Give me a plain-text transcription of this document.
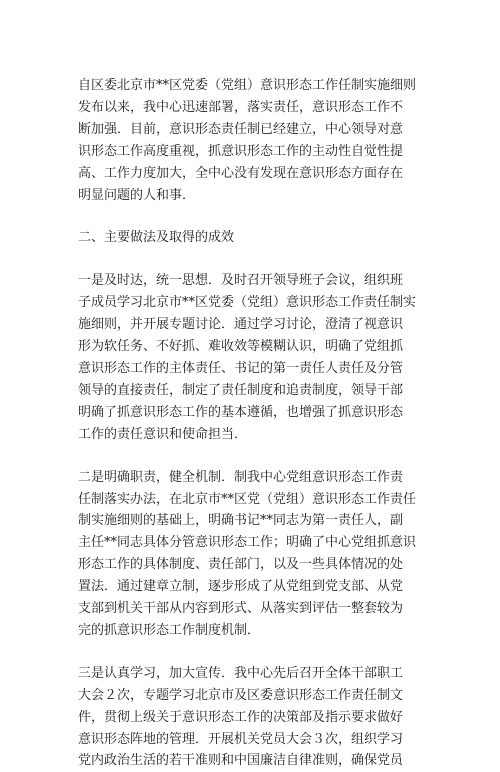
自区委北京市**区党委（党组）意识形态工作任制实施细则
发布以来，我中心迅速部署，落实责任，意识形态工作不
断加强．目前，意识形态责任制已经建立，中心领导对意
识形态工作高度重视，抓意识形态工作的主动性自觉性提
高、工作力度加大，全中心没有发现在意识形态方面存在
明显问题的人和事．

二、主要做法及取得的成效

一是及时达，统一思想．及时召开领导班子会议，组织班
子成员学习北京市**区党委（党组）意识形态工作责任制实
施细则，并开展专题讨论．通过学习讨论，澄清了视意识
形为软任务、不好抓、难收效等模糊认识，明确了党组抓
意识形态工作的主体责任、书记的第一责任人责任及分管
领导的直接责任，制定了责任制度和追责制度，领导干部
明确了抓意识形态工作的基本遵循，也增强了抓意识形态
工作的责任意识和使命担当．

二是明确职责，健全机制．制我中心党组意识形态工作责
任制落实办法，在北京市**区党（党组）意识形态工作责任
制实施细则的基础上，明确书记**同志为第一责任人，副
主任**同志具体分管意识形态工作；明确了中心党组抓意识
形态工作的具体制度、责任部门，以及一些具体情况的处
置法．通过建章立制，逐步形成了从党组到党支部、从党
支部到机关干部从内容到形式、从落实到评估一整套较为
完的抓意识形态工作制度机制．

三是认真学习，加大宣传．我中心先后召开全体干部职工
大会２次，专题学习北京市及区委意识形态工作责任制文
件，贯彻上级关于意识形态工作的决策部及指示要求做好
意识形态阵地的管理．开展机关党员大会３次，组织学习
党内政治生活的若干准则和中国廉洁自律准则，确保党员
